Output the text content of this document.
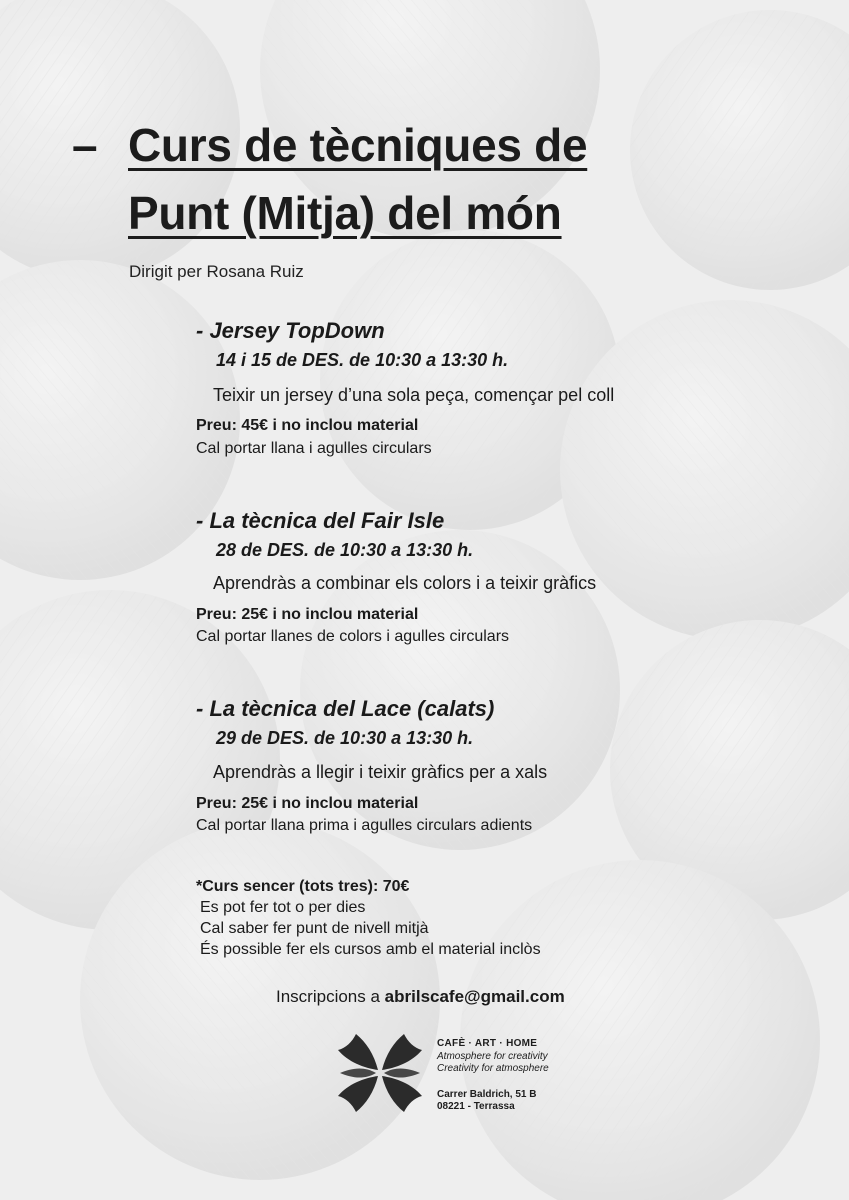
– Curs de tècniques de
Punt (Mitja) del món
Dirigit per Rosana Ruiz
- Jersey TopDown
14 i 15 de DES. de 10:30 a 13:30 h.
Teixir un jersey d’una sola peça, començar pel coll
Preu: 45€ i no inclou material
Cal portar llana i agulles circulars
- La tècnica del Fair Isle
28 de DES. de 10:30 a 13:30 h.
Aprendràs a combinar els colors i a teixir gràfics
Preu: 25€ i no inclou material
Cal portar llanes de colors i agulles circulars
- La tècnica del Lace (calats)
29 de DES. de 10:30 a 13:30 h.
Aprendràs a llegir i teixir gràfics per a xals
Preu: 25€ i no inclou material
Cal portar llana prima i agulles circulars adients
*Curs sencer (tots tres): 70€
Es pot fer tot o per dies
Cal saber fer punt de nivell mitjà
És possible fer els cursos amb el material inclòs
Inscripcions a abrilscafe@gmail.com
CAFÈ · ART · HOME
Atmosphere for creativity
Creativity for atmosphere
Carrer Baldrich, 51 B
08221 - Terrassa
